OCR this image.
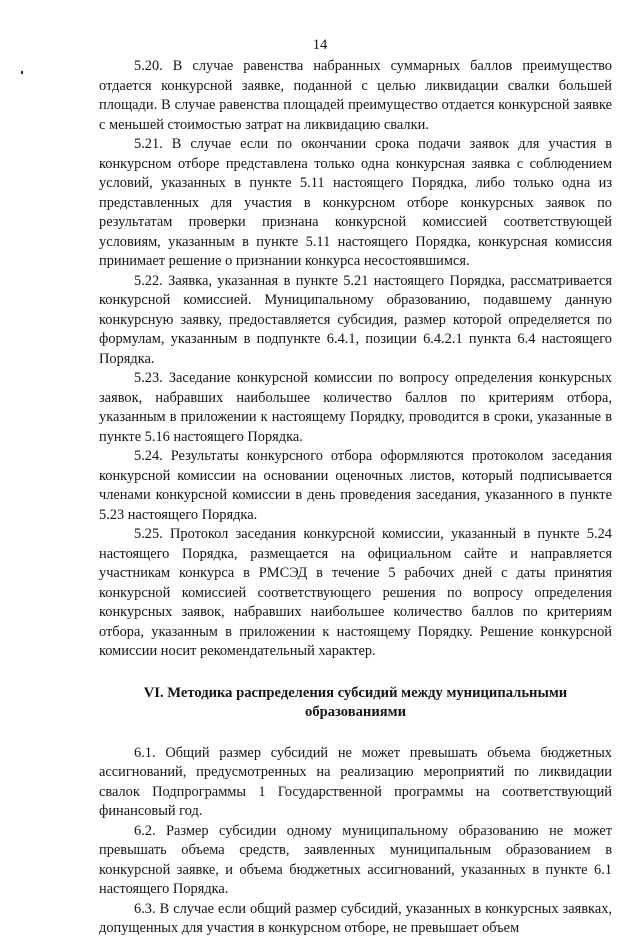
14

5.20. В случае равенства набранных суммарных баллов преимущество отдается конкурсной заявке, поданной с целью ликвидации свалки большей площади. В случае равенства площадей преимущество отдается конкурсной заявке с меньшей стоимостью затрат на ликвидацию свалки.

5.21. В случае если по окончании срока подачи заявок для участия в конкурсном отборе представлена только одна конкурсная заявка с соблюдением условий, указанных в пункте 5.11 настоящего Порядка, либо только одна из представленных для участия в конкурсном отборе конкурсных заявок по результатам проверки признана конкурсной комиссией соответствующей условиям, указанным в пункте 5.11 настоящего Порядка, конкурсная комиссия принимает решение о признании конкурса несостоявшимся.

5.22. Заявка, указанная в пункте 5.21 настоящего Порядка, рассматривается конкурсной комиссией. Муниципальному образованию, подавшему данную конкурсную заявку, предоставляется субсидия, размер которой определяется по формулам, указанным в подпункте 6.4.1, позиции 6.4.2.1 пункта 6.4 настоящего Порядка.

5.23. Заседание конкурсной комиссии по вопросу определения конкурсных заявок, набравших наибольшее количество баллов по критериям отбора, указанным в приложении к настоящему Порядку, проводится в сроки, указанные в пункте 5.16 настоящего Порядка.

5.24. Результаты конкурсного отбора оформляются протоколом заседания конкурсной комиссии на основании оценочных листов, который подписывается членами конкурсной комиссии в день проведения заседания, указанного в пункте 5.23 настоящего Порядка.

5.25. Протокол заседания конкурсной комиссии, указанный в пункте 5.24 настоящего Порядка, размещается на официальном сайте и направляется участникам конкурса в РМСЭД в течение 5 рабочих дней с даты принятия конкурсной комиссией соответствующего решения по вопросу определения конкурсных заявок, набравших наибольшее количество баллов по критериям отбора, указанным в приложении к настоящему Порядку. Решение конкурсной комиссии носит рекомендательный характер.

VI. Методика распределения субсидий между муниципальными
образованиями

6.1. Общий размер субсидий не может превышать объема бюджетных ассигнований, предусмотренных на реализацию мероприятий по ликвидации свалок Подпрограммы 1 Государственной программы на соответствующий финансовый год.

6.2. Размер субсидии одному муниципальному образованию не может превышать объема средств, заявленных муниципальным образованием в конкурсной заявке, и объема бюджетных ассигнований, указанных в пункте 6.1 настоящего Порядка.

6.3. В случае если общий размер субсидий, указанных в конкурсных заявках, допущенных для участия в конкурсном отборе, не превышает объем
